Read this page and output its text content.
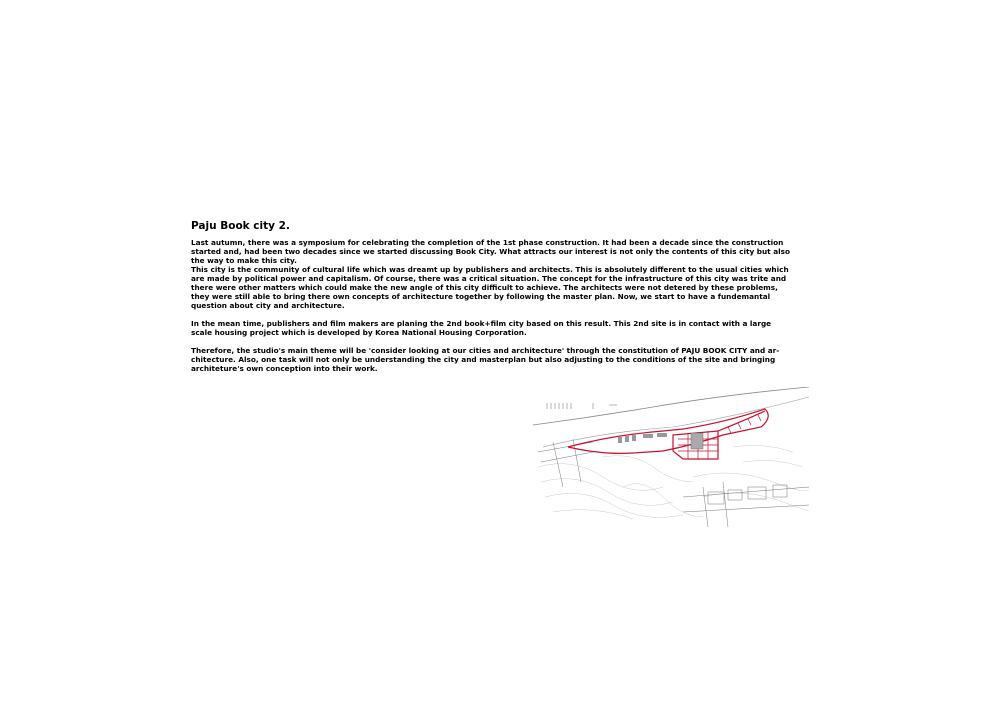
Paju Book city 2.

Last autumn, there was a symposium for celebrating the completion of the 1st phase construction. It had been a decade since the construction
started and, had been two decades since we started discussing Book City. What attracts our interest is not only the contents of this city but also
the way to make this city.
This city is the community of cultural life which was dreamt up by publishers and architects. This is absolutely different to the usual cities which
are made by political power and capitalism. Of course, there was a critical situation. The concept for the infrastructure of this city was trite and
there were other matters which could make the new angle of this city difficult to achieve. The architects were not detered by these problems,
they were still able to bring there own concepts of architecture together by following the master plan. Now, we start to have a fundemantal
question about city and architecture.

In the mean time, publishers and film makers are planing the 2nd book+film city based on this result. This 2nd site is in contact with a large
scale housing project which is developed by Korea National Housing Corporation.

Therefore, the studio's main theme will be 'consider looking at our cities and architecture' through the constitution of PAJU BOOK CITY and ar-
chitecture. Also, one task will not only be understanding the city and masterplan but also adjusting to the conditions of the site and bringing
architeture's own conception into their work.
